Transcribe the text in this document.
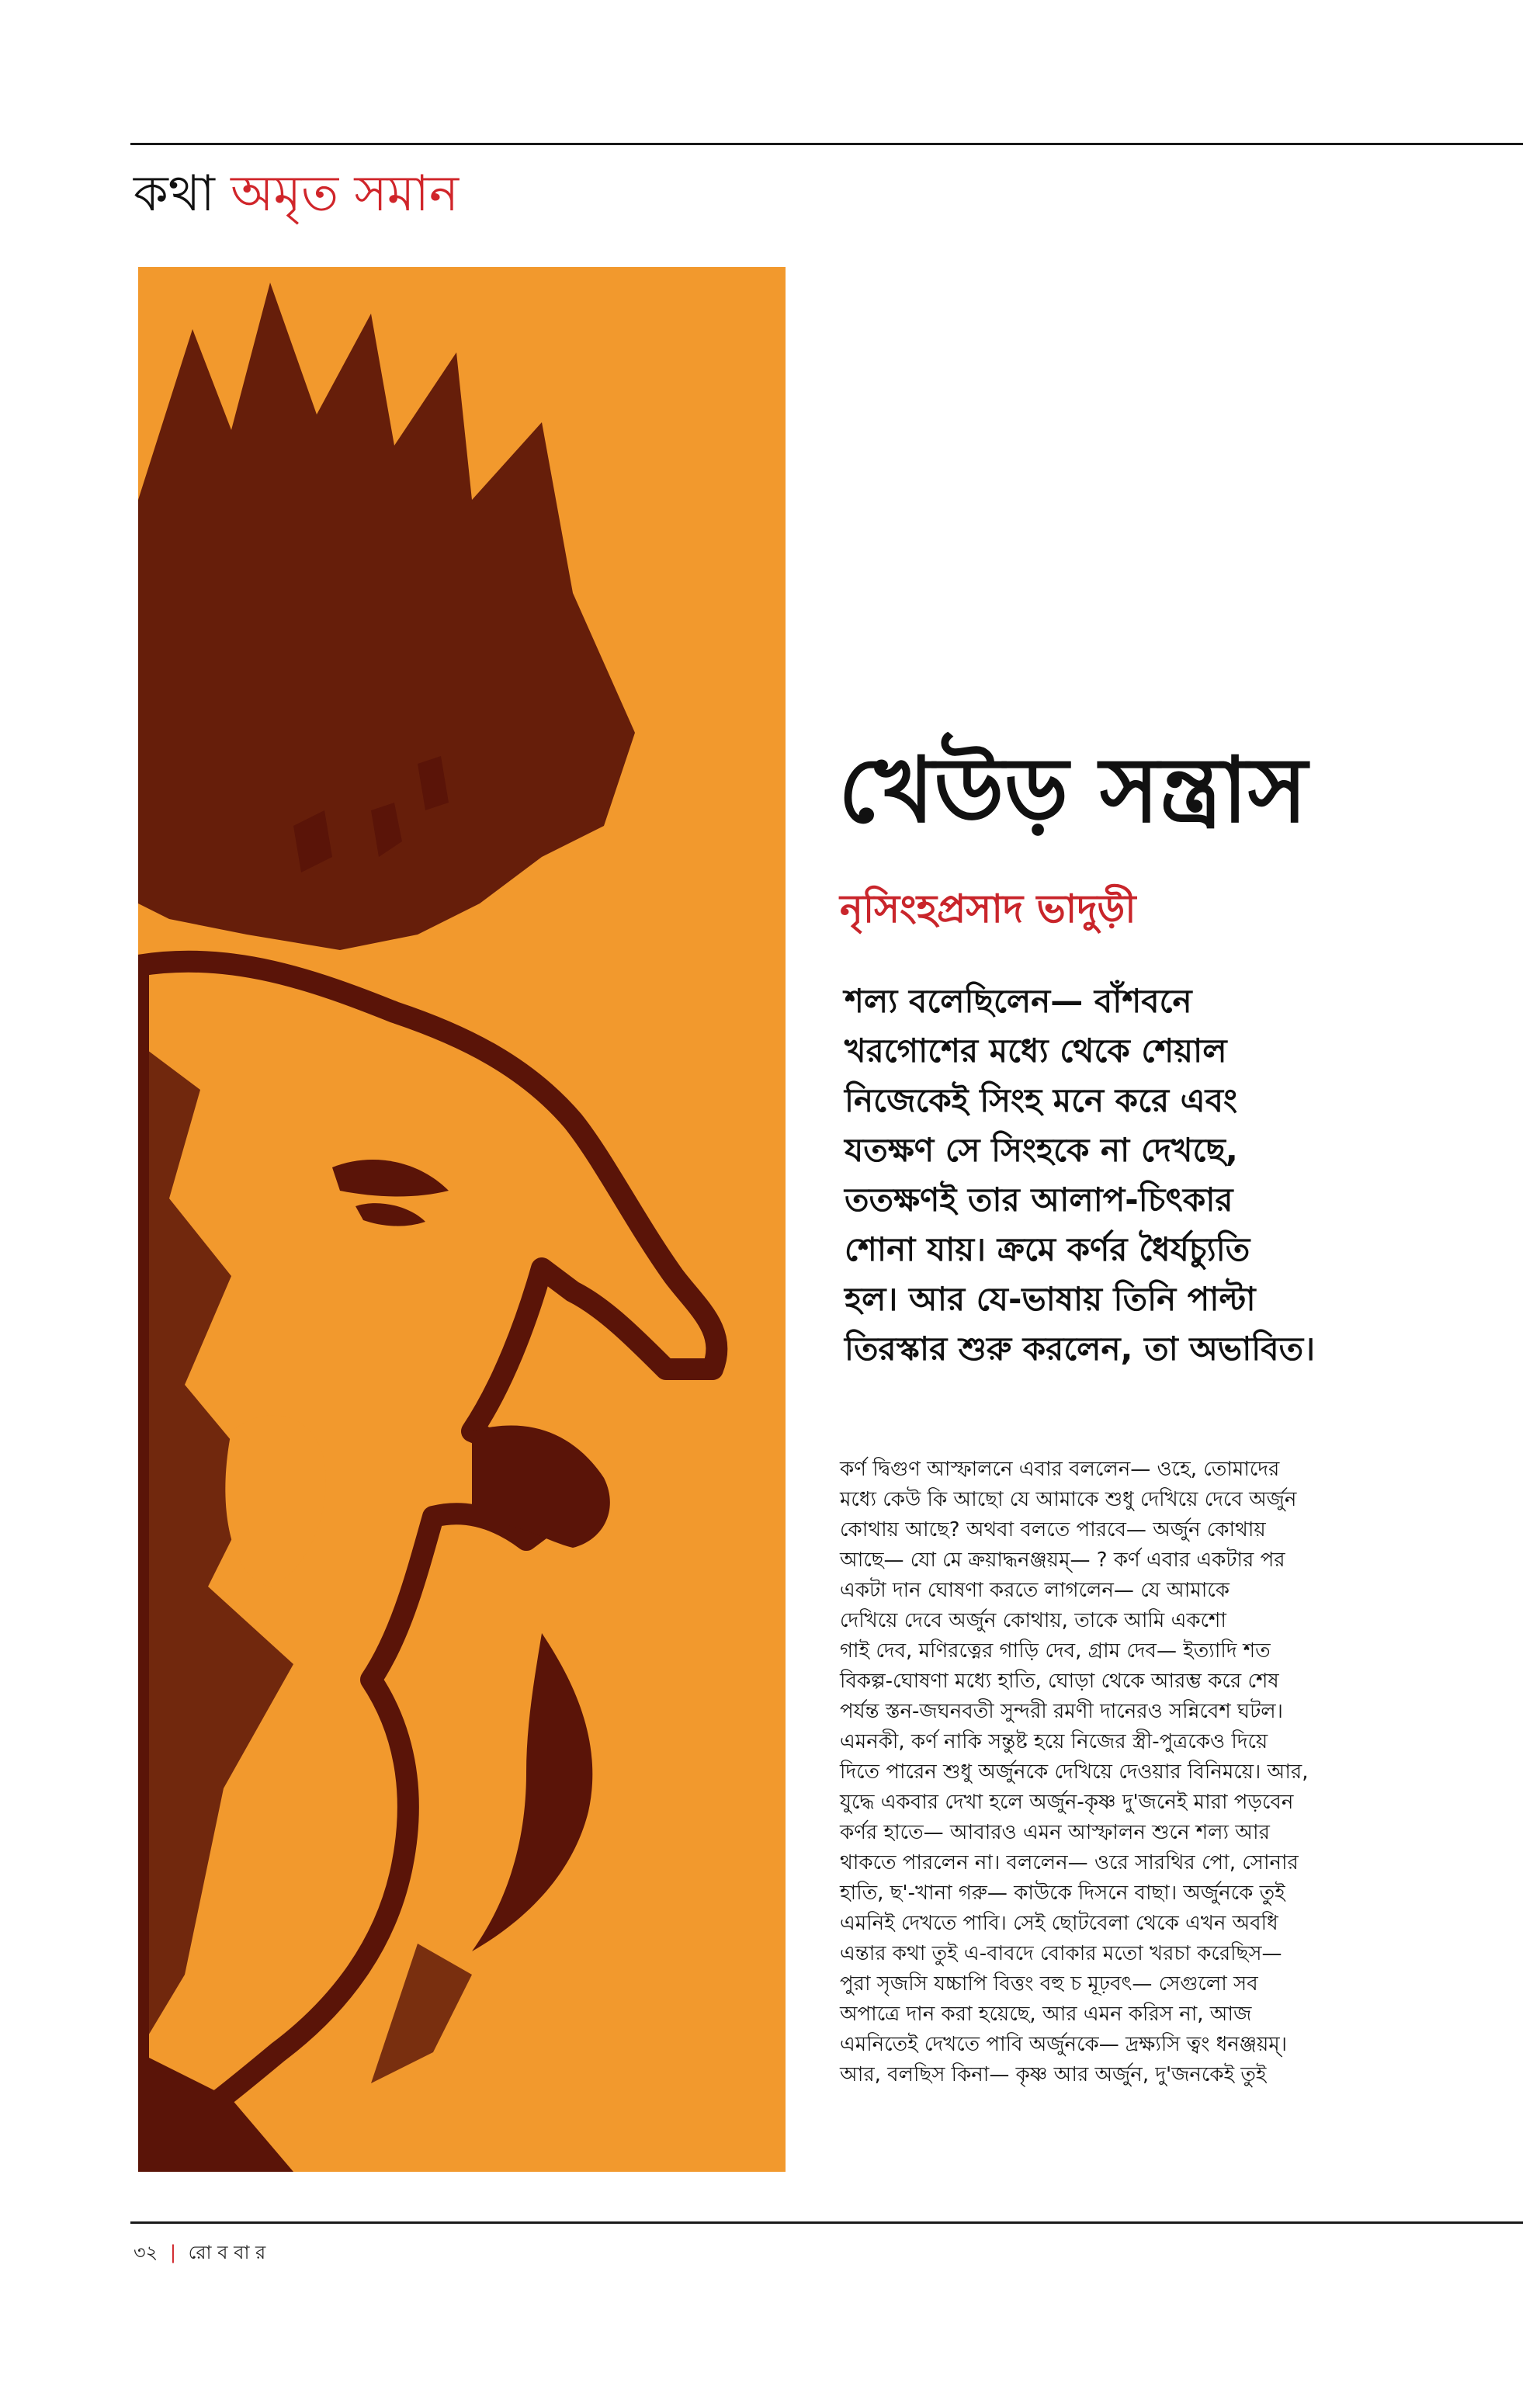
কথা অমৃত সমান
খেউড় সন্ত্রাস
নৃসিংহপ্রসাদ ভাদুড়ী
শল্য বলেছিলেন— বাঁশবনে
খরগোশের মধ্যে থেকে শেয়াল
নিজেকেই সিংহ মনে করে এবং
যতক্ষণ সে সিংহকে না দেখছে,
ততক্ষণই তার আলাপ-চিৎকার
শোনা যায়। ক্রমে কর্ণর ধৈর্যচ্যুতি
হল। আর যে-ভাষায় তিনি পাল্টা
তিরস্কার শুরু করলেন, তা অভাবিত।
কর্ণ দ্বিগুণ আস্ফালনে এবার বললেন— ওহে, তোমাদের
মধ্যে কেউ কি আছো যে আমাকে শুধু দেখিয়ে দেবে অর্জুন
কোথায় আছে? অথবা বলতে পারবে— অর্জুন কোথায়
আছে— যো মে ক্রয়াদ্ধনঞ্জয়ম্— ? কর্ণ এবার একটার পর
একটা দান ঘোষণা করতে লাগলেন— যে আমাকে
দেখিয়ে দেবে অর্জুন কোথায়, তাকে আমি একশো
গাই দেব, মণিরত্নের গাড়ি দেব, গ্রাম দেব— ইত্যাদি শত
বিকল্প-ঘোষণা মধ্যে হাতি, ঘোড়া থেকে আরম্ভ করে শেষ
পর্যন্ত স্তন-জঘনবতী সুন্দরী রমণী দানেরও সন্নিবেশ ঘটল।
এমনকী, কর্ণ নাকি সন্তুষ্ট হয়ে নিজের স্ত্রী-পুত্রকেও দিয়ে
দিতে পারেন শুধু অর্জুনকে দেখিয়ে দেওয়ার বিনিময়ে। আর,
যুদ্ধে একবার দেখা হলে অর্জুন-কৃষ্ণ দু'জনেই মারা পড়বেন
কর্ণর হাতে— আবারও এমন আস্ফালন শুনে শল্য আর
থাকতে পারলেন না। বললেন— ওরে সারথির পো, সোনার
হাতি, ছ'-খানা গরু— কাউকে দিসনে বাছা। অর্জুনকে তুই
এমনিই দেখতে পাবি। সেই ছোটবেলা থেকে এখন অবধি
এন্তার কথা তুই এ-বাবদে বোকার মতো খরচা করেছিস—
পুরা সৃজসি যচ্চাপি বিত্তং বহু চ মূঢ়বৎ— সেগুলো সব
অপাত্রে দান করা হয়েছে, আর এমন করিস না, আজ
এমনিতেই দেখতে পাবি অর্জুনকে— দ্রক্ষ্যসি ত্বং ধনঞ্জয়ম্।
আর, বলছিস কিনা— কৃষ্ণ আর অর্জুন, দু'জনকেই তুই
৩২ | রো ব বা র
